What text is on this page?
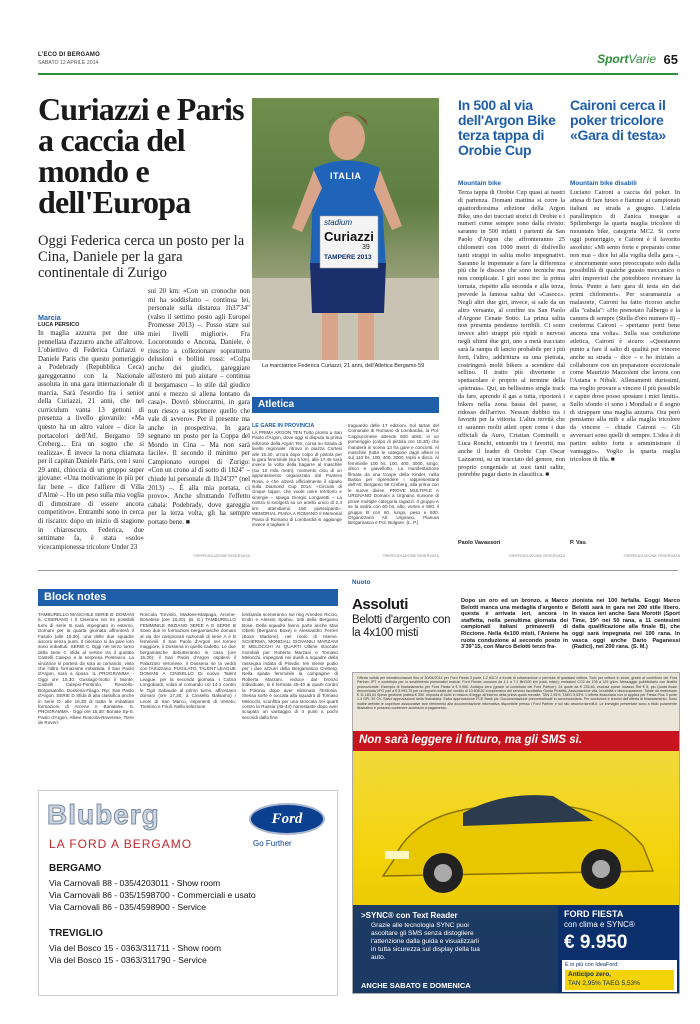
L'ECO DI BERGAMO
SABATO 12 APRILE 2014	65
SportVarie
Curiazzi e Paris a caccia del mondo e dell'Europa
Oggi Federica cerca un posto per la Cina, Daniele per la gara continentale di Zurigo
ITALIA
stadium
Curiazzi
39
TAMPERE 2013
La marciatrice Federica Curiazzi, 21 anni, dell'Atletica Bergamo 59
Marcia
LUCA PERSICO
In maglia azzurra per due una pennellata d'azzurro anche all'altrove. L'obiettivo di Federica Curiazzi e Daniele Paris che questo pomeriggio a Podebrady (Repubblica Ceca) gareggeranno con la Nazionale assoluta in una gara internazionale di marcia. Sarà l'esordio fra i senior della Curiazzi, 21 anni, che nel curriculum vanta 13 gettoni di presenza a livello giovanile: «Ma questo ha un altro valore – dice la portacolori dell'Atl. Bergamo 59 Creberg... Era un sogno che si realizza». È invece la nona chiamata per il capitan Daniele Paris, con i suoi 29 anni, chioccia di un gruppo super giovane: «Una motivazione in più per far bene – dice l'alfiere di Villa d'Almè –. Ho un peso sulla mia voglia di dimostrare di essere ancora competitivo». Entrambi sono in cerca di riscatto: dopo un inizio di stagione in chiaroscuro. Federica, due settimane fa, è stata «solo» vicecampionessa tricolore Under 23
sui 20 km: «Con un cronoche non mi ha soddisfatto – continua lei, personale sulla distanza 1h37'34" (valso il settimo posto agli Europei Promesse 2013) –. Posso stare sui miei livelli migliori». Fra Locorotondo e Ancona, Daniele, è riuscito a collezionare soprattutto delusioni e bollini rossi: «Colpa anche dei giudici, gareggiare all'estero mi può aiutare – continua il bergamasco – lo stile dal giudice anni e mezzo si allena lontano da casa)». Dovrò sbloccarmi, in gara non riesco a esprimere quello che vale di avvero». Per il presente ma anche in prospettiva. In gara segnano un posto per la Coppa del Mondo in Cina – Ma non sarà facile». Il secondo il minimo per Campionato europei di Zurigo: «Con un crono al di sotto di 1h24" – chiude lui personale di 1h24'37" (nel 2013) –. È alla mia portata, ci provo». Anche sfruttando l'effetto cabala: Podebrady, dove gareggia per la terza volta, gli ha sempre portato bene. ■
©RIPRODUZIONE RISERVATA
Atletica
LE GARE IN PROVINCIA
LA PRIMA ARGON TEN Tutto pronto a San Paolo d'Argon, dove oggi si disputa la prima edizione della Argon Ten, corsa su strada di livello regionale: ritrovo in piazza Cortesi alle 15.30, un'ora dopo colpo di pistola per la gara femminile (sui 5 km), alle 17.45 sarà invece la volta della bagarre al maschile (sui 10 mila metri), momento clou di un appuntamento organizzato dal Pantera Rosa, e che alzerà ufficialmente il sipario sulla Diamond Cup 2014: «Circuito di cinque tappe, che vuole unire territorio e sinergie – spiega Giorgio Longaretti – La nostra si svolgerà su un anello unico di 2,4 km: attendiamo 150 partecipanti». MEMORIAL PIANA A ROMANO Il Memorial Piana di Romano di Lombardia si aggiunge invece a tagliare il
traguardo delle 17 edizioni. Sul tartan del Comunale di Romano di Lombardia, la Pol. Cappuccinese attende 500 atleti, in un pomeriggio (colpo di pistola ore 15.30) che manderà in scena 13 fra gare e concorsi. Al maschile (tutte le categorie dagli allievi in su) 110 hs, 100, 400, 3000, triplo e disco. Al femminile 100 hs, 100, 400, 3000, lungo, disco e giavellotto. La manifestazione filmata da una troupe della Kinder, nella Bassa per riprendere i rappresentanti dell'Atl. Bergamo 59 Creberg, alla prima con le nuove divise. PROVE MULTIPLE A URGNANO Domani a Urgnano riunione di prove multiple categoria ragazzi. Il gruppo A se la vedrà con 60 hs, alto, vortex e 600, il gruppo B con 60, lungo, peso e 600. Organizzano Atl. Urgnano, Pianura Bergamasca e Pol. Bolgare. (L. P.)
©RIPRODUZIONE RISERVATA
In 500 al via dell'Argon Bike terza tappa di Orobie Cup
Mountain bike
Terza tappa di Orobie Cup quasi ai nastri di partenza. Domani mattina si corre la quattordicesima edizione della Argon Bike, uno dei tracciati storici di Orobie e i numeri come sempre sono dalla rivisto: saranno in 500 infatti i partenti da San Paolo d'Argon che affronteranno 25 chilometri con 1000 metri di dislivello tanti strappi in salita molto impegnativi. Saranno le impennate a fare la differenza più che le discese che sono tecniche ma non complicate. I giri sono tre: la prima tornata, rispetto alla seconda e alla terza, prevede la famosa salita dei «Casocc». Negli altri due giri, invece, si sale da un altro versante, al confine tra San Paolo d'Argone Cenate Sotto. La prima salita non presenta pendenze terribili. Ci sono invece altri strappi più ripidi e nervosi negli ultimi due giri, uno a metà tracciato sarà la rampa di lancio probabile per i più forti, l'altro, addirittura su una pietraia, costringerà molti bikers a scendere dal sellino. Il tratto più divertente e spettacolare è proprio al termine della «pietraia». Qui, un bellissimo single track da fare, aprendo il gas a tutta, riporterà i bikers nella zona bassa del paese, a ridosso dell'arrivo. Nessun dubbio tra i favoriti per la vittoria. L'altra novità che ci saranno molti atleti open come i due ufficiali da Auro, Cristian Cominelli e Luca Ronchi, entrambi tra i favoriti, ma anche il leader di Orobie Cup Oscar Lazzaroni, su un tracciato del genere, non proprio congeniale ai suoi tanti salite, potrebbe pagar dazio in classifica. ■
Paolo Vavassori
©RIPRODUZIONE RISERVATA
Caironi cerca il poker tricolore «Gara di testa»
Mountain bike disabili
Luciano Caironi a caccia del poker. In attesa di fare fuoco e fiamme ai campionati italiani su strada a giugno. L'atleta parallimpico di Zanica insegue a Spilimbergo la quarta maglia tricolore di mountain bike, categoria MC2. Si corre oggi pomeriggio, e Caironi è il favorito assoluto: «Mi sento forte e preparato come non mai – dice lui alla vigilia della gara –, e sinceramente sono preoccupato solo dalla possibilità di qualche guasto meccanico o altri imprevisti che potrebbero rovinare la festa. Punto a fare gara di testa sin dai primi chilometri». Per scaramanzia a malasorte, Caironi ha fatto ricorso anche alla "cabala": «Ho prenotato l'albergo e la camera di sempre (Stella d'oro numero 8) – conferma Caironi – speriamo porti bene ancora una volta». Sulla sua condizione atletica, Caironi è sicuro: «Questanno punto a fare il salto di qualità per vincere anche su strada – dice – e ho iniziato a collaborare con un preparatore eccezionale come Maurizio Mazzoleni che lavora con l'Astana e Nibali. Allenamenti durissimi, ma voglio provare a vincere il più possibile e capire dove posso spostare i miei limiti». Sullo sfondo ci sono i Mondiali e il sogno di strappare una maglia azzurra. Ora però pensiamo alla mtb e alla maglia tricolore da vincere – chiude Caironi –. Gli avversari sono quelli di sempre. L'idea è di partire subito forte e amministrare il vantaggio». Voglio la quarta maglia tricolore di fila. ■
P. Vav.
©RIPRODUZIONE RISERVATA
Block notes
TAMBURELLO MASCHILE SERIE B: DOMANI IL CISERANO I Il Ciserano nei tre possibili turni di serie B sarà impegnato in esterno. Domani per la quarta giornata affronterà il Fasolo (alle 15.30), una delle due squadre ancora senza punti. Il ciserano si da pare loro sono imbattuti. SERIE C Oggi nel terzo turno della serie C sfida al vertice tra il quotato Castelli Calepio e la sorpresa Pontevico. La vincitrice si porterà da sola al comando, visto che l'altra formazione imbattuta, il San Paolo d'Argon, sarà a riposo. IL PROGRAMMA - Oggi ore 15,30: Gussago-Sotto il Monte; Castelli Calepio-Pontirolo, Roncello-Borgosatollo, Dossena-Filago. Rip: San Paolo d'Argon. SERIE D Sfida di alta classifica anche in serie D: alle 16,30 di tratta le imbattute formazioni di Arcene e Bonatese. IL PROGRAMMA - Oggi ore 15,30: Bonate Sp-S. Paolo d'Argon, Allievi Roncola-Roverese, Torre de Roveri-
Roncola Treviolo, Madone-Malpaga, Arcene-Bonatese (ore 16,30). (B. G.) TAMBURELLO FEMMINILE INIZIANO SERIE A E SERIE B Sono due le formazioni bergamasche domani al via dei campionati nazionali di serie A e B femminili. Il San Paolo d'Argon nel torneo maggiore, il Dossena in quello cadetto. Le due bergamasche debutteranno in casa (ore 15,30): il San Paolo d'Argon ospiterà il Palazzolo Veronese, il Dossena se la vedrà con l'Arbizzano. PUGILATO, TALENT LEAGUE DOMANI A CINISELLO Di nuovo Talent League, per la seconda giornata. I Cobra Longobardi, volati al comando col 14-2 contro le Tigri Sabaude al primo turno, affrontano domani (ore 17,30, a Cinisello Balsamo) i Leoni di San Marco, esponenti di Veneto, Trentino e Friuli. Nella selezione
lombarda sceneranno sul ring Amedeo Riccio, Endri e Alessio Spahiu, tutti della Bergamo Boxe. Della squadra fanno parte anche Max Oberti (Bergamo Boxe) e Alessandro Ferreri (Boxe Madone), nel ruolo di riserve. SCHERMA, MONDIALI GIOVANILI MARZANI E MELOCCHI AI QUARTI Ultime stoccate mondiali per Roberta Marzani e Tomaso Melocchi, impegnati nei duelli a squadre della rassegna iridata di Plovdiv. Ieri niente podio per i due azzurri della Bergamasca Creberg. Nella spada femminile la compagine di Roberta Marzani, reduce dal bronzo individuale, si è fermata 45-40 ai quarti contro la Polonia dopo aver eliminato l'Estonia. Stessa sorte è toccata alla squadra di Tomaso Melocchi, sconfitta per una stoccata nei quarti contro la Russia (45-44) nonostante dopo aver sciupato un vantaggio di 4 punti a pochi secondi dalla fine.
Nuoto
Assoluti
Belotti d'argento con la 4x100 misti
Dopo un oro ed un bronzo, a Marco Belotti manca una medaglia d'argento e questa è arrivata ieri, ancora in staffetta, nella penultima giornata dei campionati italiani primaverili di Riccione. Nella 4x100 misti, l'Aniene ha ruota conduzione al secondo posto in 3'39"15, con Marco Belotti terzo fra-
zionista nei 100 farfalla. Eoggi Marco Belotti sarà in gara nei 200 stile libero. In vasca ieri anche Sara Morotti (Sport Time, 19^ nei 50 rana, a 11 centesimi dalla qualificazione alla finale B), che oggi sarà impegnata nei 100 rana. In vasca oggi anche Dario Paganessi (Radici), nei 200 rana. (S. M.)
Bluberg
LA FORD A BERGAMO
Ford
Go Further
BERGAMO
Via Carnovali 88 - 035/4203011 - Show room
Via Carnovali 86 - 035/1598700 - Commerciali e usato
Via Carnovali 86 - 035/4598900 - Service
TREVIGLIO
Via del Bosco 15 - 0363/311711 - Show room
Via del Bosco 15 - 0363/311790 - Service
Offerta valida per immatricolazioni fino al 30/04/2014 per Ford Fiesta 3 porte 1.2 60CV a fronte di rottamazione o permuta di qualsiasi vettura. Solo per vetture in stock, grazie al contributo dei Ford Partner. IPT e contributo per lo smaltimento pneumatici esclusi. Ford Fiesta: consumi da 4,1 a 7,1 litri/100 km (ciclo misto); emissioni CO2 da 105 a 129 g/km. Messaggio pubblicitario con finalità promozionale. Esempio di finanziamento per Ford Fiesta a € 9.950. Anticipo zero (grazie al contributo dei Ford Partner), 24 quote da € 235,46, esclusa spese incasso Rid € 5, più Quota finale denominata VFG pari a € 5.992,75 per un importo totale del credito di 10.608,82 comprensivo del servizio facoltativo Guida Protetta, Assicurazione vita, Invalidità e disoccupazione. Totale da rimborsare € 11.183,04 Spese gestione pratica € 350. Imposta di bollo in misura di legge all'interno della prima quota mensile. TAN 2,95%, TAEG 5,53%. L'offerta finanziaria non si applica per Fiesta Plus 3 porte 1.4 GPL 92 CV. Salvo approvazione della finanziaria. Salvo approvazione FCE Bank plc. Documentazione precontrattuale in concessionaria. Per condizioni e termini dell'offerta di finanziamento. Sono inoltre definite le coperture assicurative fare riferimento alla documentazione informativa disponibile presso i Ford Partner e sul sito www.fordcredit.it. Le immagini presentate sono a titolo puramente illustrativo e possono contenere accessori a pagamento.
Non sarà leggere il futuro, ma gli SMS sì.
>SYNC® con Text Reader
Grazie alle tecnologia SYNC puoi ascoltare gli SMS senza distogliere l'attenzione dalla guida e visualizzarli in tutta sicurezza sul display della tua auto.
ANCHE SABATO E DOMENICA
FORD FIESTA
con clima e SYNC®
€ 9.950
E in più con IdeaFord:
Anticipo zero,
TAN 2,95% TAEG 5,53%
